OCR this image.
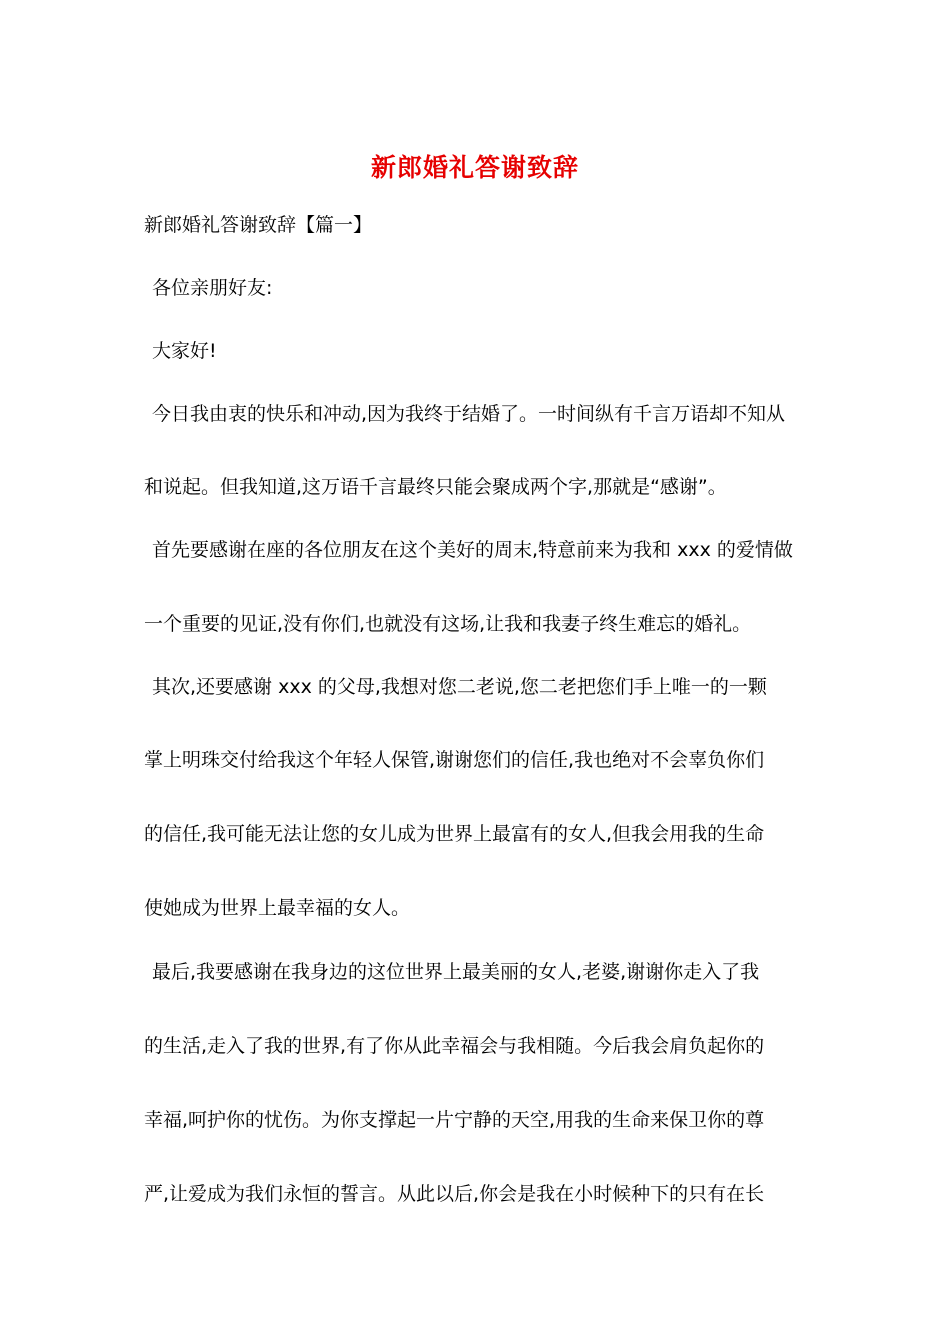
新郎婚礼答谢致辞
新郎婚礼答谢致辞【篇一】
各位亲朋好友:
大家好!
今日我由衷的快乐和冲动,因为我终于结婚了。一时间纵有千言万语却不知从
和说起。但我知道,这万语千言最终只能会聚成两个字,那就是“感谢”。
首先要感谢在座的各位朋友在这个美好的周末,特意前来为我和 xxx 的爱情做
一个重要的见证,没有你们,也就没有这场,让我和我妻子终生难忘的婚礼。
其次,还要感谢 xxx 的父母,我想对您二老说,您二老把您们手上唯一的一颗
掌上明珠交付给我这个年轻人保管,谢谢您们的信任,我也绝对不会辜负你们
的信任,我可能无法让您的女儿成为世界上最富有的女人,但我会用我的生命
使她成为世界上最幸福的女人。
最后,我要感谢在我身边的这位世界上最美丽的女人,老婆,谢谢你走入了我
的生活,走入了我的世界,有了你从此幸福会与我相随。今后我会肩负起你的
幸福,呵护你的忧伤。为你支撑起一片宁静的天空,用我的生命来保卫你的尊
严,让爱成为我们永恒的誓言。从此以后,你会是我在小时候种下的只有在长
